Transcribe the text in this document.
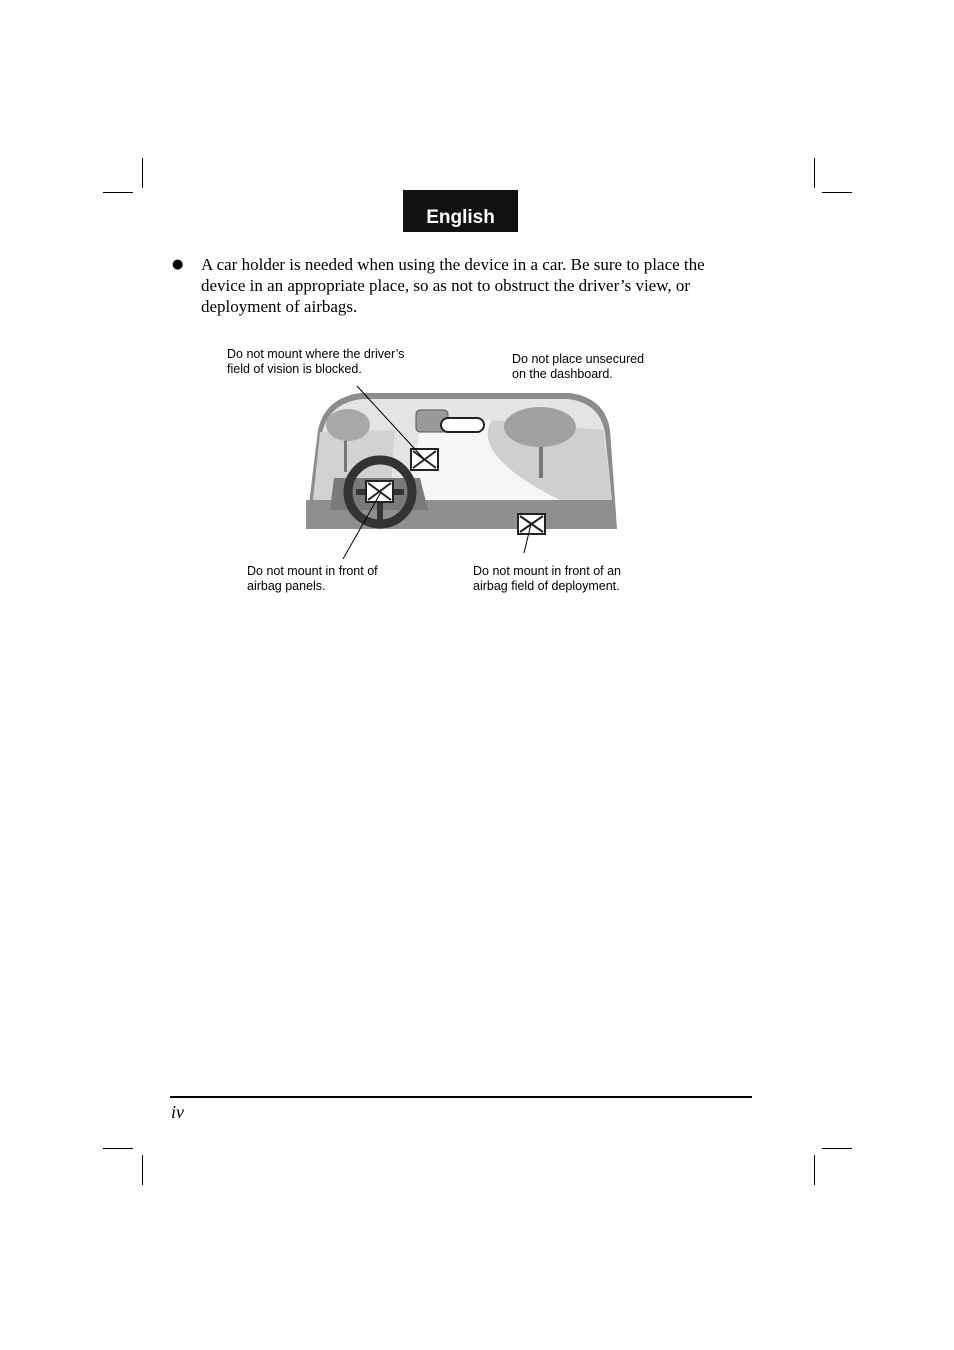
English
● A car holder is needed when using the device in a car. Be sure to place the device in an appropriate place, so as not to obstruct the driver’s view, or deployment of airbags.

Do not mount where the driver’s
field of vision is blocked.
Do not place unsecured
on the dashboard.
Do not mount in front of
airbag panels.
Do not mount in front of an
airbag field of deployment.
iv
